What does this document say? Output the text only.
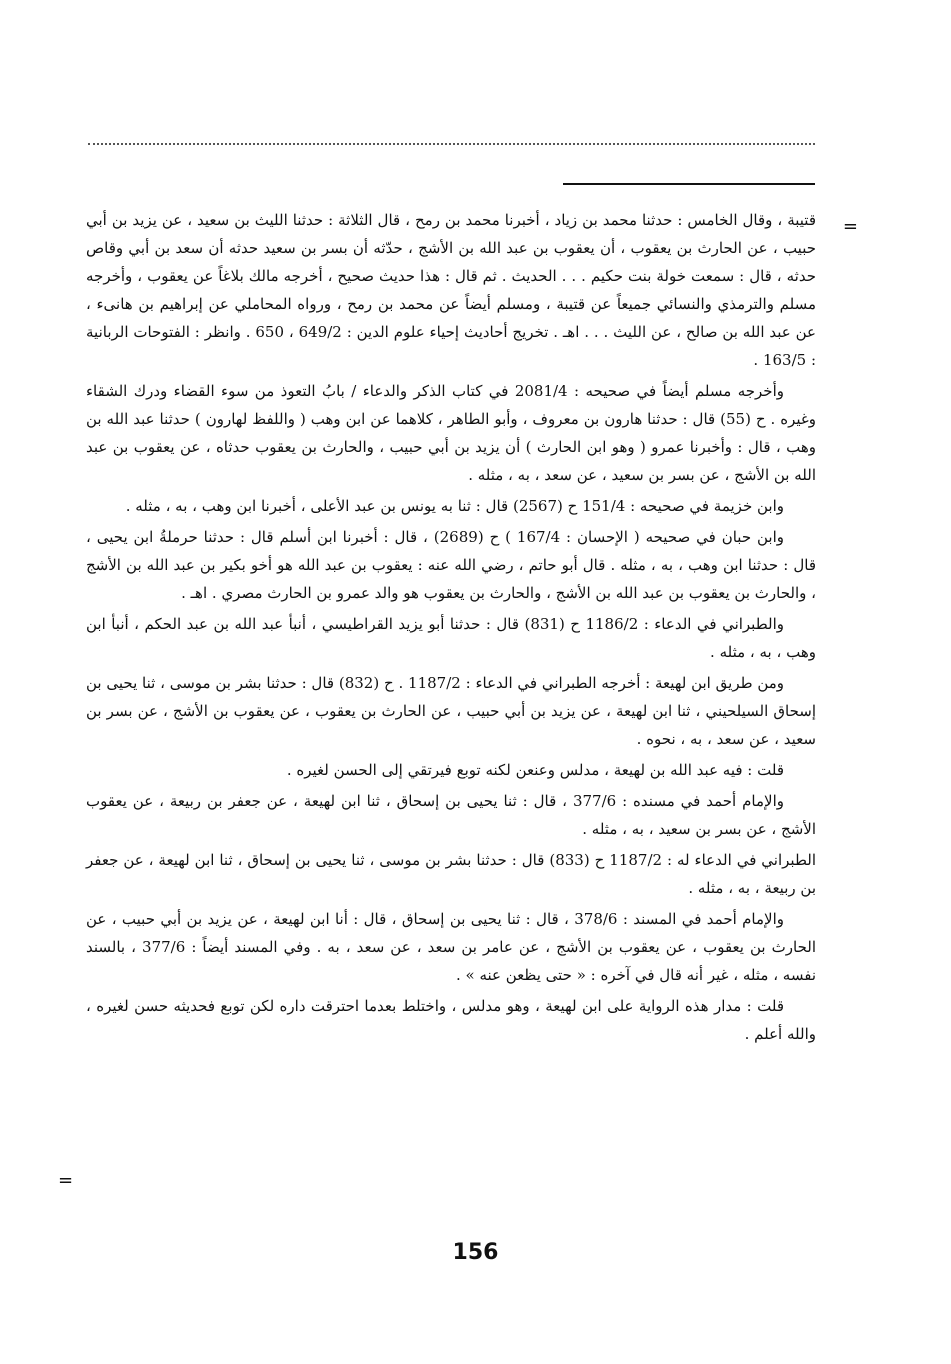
=

قتيبة ، وقال الخامس : حدثنا محمد بن زياد ، أخبرنا محمد بن رمح ، قال الثلاثة : حدثنا الليث بن سعيد ، عن يزيد بن أبي حبيب ، عن الحارث بن يعقوب ، أن يعقوب بن عبد الله بن الأشج ، حدّثه أن بسر بن سعيد حدثه أن سعد بن أبي وقاص حدثه ، قال : سمعت خولة بنت حكيم . . . الحديث . ثم قال : هذا حديث صحيح ، أخرجه مالك بلاغاً عن يعقوب ، وأخرجه مسلم والترمذي والنسائي جميعاً عن قتيبة ، ومسلم أيضاً عن محمد بن رمح ، ورواه المحاملي عن إبراهيم بن هانىء ، عن عبد الله بن صالح ، عن الليث . . . اهـ . تخريج أحاديث إحياء علوم الدين : 649/2 ، 650 . وانظر : الفتوحات الربانية : 163/5 .

وأخرجه مسلم أيضاً في صحيحه : 2081/4 في كتاب الذكر والدعاء / بابُ التعوذ من سوء القضاء ودرك الشقاء وغيره . ح (55) قال : حدثنا هارون بن معروف ، وأبو الطاهر ، كلاهما عن ابن وهب ( واللفظ لهارون ) حدثنا عبد الله بن وهب ، قال : وأخبرنا عمرو ( وهو ابن الحارث ) أن يزيد بن أبي حبيب ، والحارث بن يعقوب حدثاه ، عن يعقوب بن عبد الله بن الأشج ، عن بسر بن سعيد ، عن سعد ، به ، مثله .

وابن خزيمة في صحيحه : 151/4 ح (2567) قال : ثنا به يونس بن عبد الأعلى ، أخبرنا ابن وهب ، به ، مثله .

وابن حبان في صحيحه ( الإحسان : 167/4 ) ح (2689) ، قال : أخبرنا ابن أسلم قال : حدثنا حرملةُ ابن يحيى ، قال : حدثنا ابن وهب ، به ، مثله . قال أبو حاتم ، رضي الله عنه : يعقوب بن عبد الله هو أخو بكير بن عبد الله بن الأشج ، والحارث بن يعقوب بن عبد الله بن الأشج ، والحارث بن يعقوب هو والد عمرو بن الحارث مصري . اهـ .

والطبراني في الدعاء : 1186/2 ح (831) قال : حدثنا أبو يزيد القراطيسي ، أنبأ عبد الله بن عبد الحكم ، أنبأ ابن وهب ، به ، مثله .

ومن طريق ابن لهيعة : أخرجه الطبراني في الدعاء : 1187/2 . ح (832) قال : حدثنا بشر بن موسى ، ثنا يحيى بن إسحاق السيلحيني ، ثنا ابن لهيعة ، عن يزيد بن أبي حبيب ، عن الحارث بن يعقوب ، عن يعقوب بن الأشج ، عن بسر بن سعيد ، عن سعد ، به ، نحوه .

قلت : فيه عبد الله بن لهيعة ، مدلس وعنعن لكنه توبع فيرتقي إلى الحسن لغيره .

والإمام أحمد في مسنده : 377/6 ، قال : ثنا يحيى بن إسحاق ، ثنا ابن لهيعة ، عن جعفر بن ربيعة ، عن يعقوب الأشج ، عن بسر بن سعيد ، به ، مثله .

الطبراني في الدعاء له : 1187/2 ح (833) قال : حدثنا بشر بن موسى ، ثنا يحيى بن إسحاق ، ثنا ابن لهيعة ، عن جعفر بن ربيعة ، به ، مثله .

والإمام أحمد في المسند : 378/6 ، قال : ثنا يحيى بن إسحاق ، قال : أنا ابن لهيعة ، عن يزيد بن أبي حبيب ، عن الحارث بن يعقوب ، عن يعقوب بن الأشج ، عن عامر بن سعد ، عن سعد ، به . وفي المسند أيضاً : 377/6 ، بالسند نفسه ، مثله ، غير أنه قال في آخره : « حتى يظعن عنه » .

قلت : مدار هذه الرواية على ابن لهيعة ، وهو مدلس ، واختلط بعدما احترقت داره لكن توبع فحديثه حسن لغيره ، والله أعلم .

=
156
